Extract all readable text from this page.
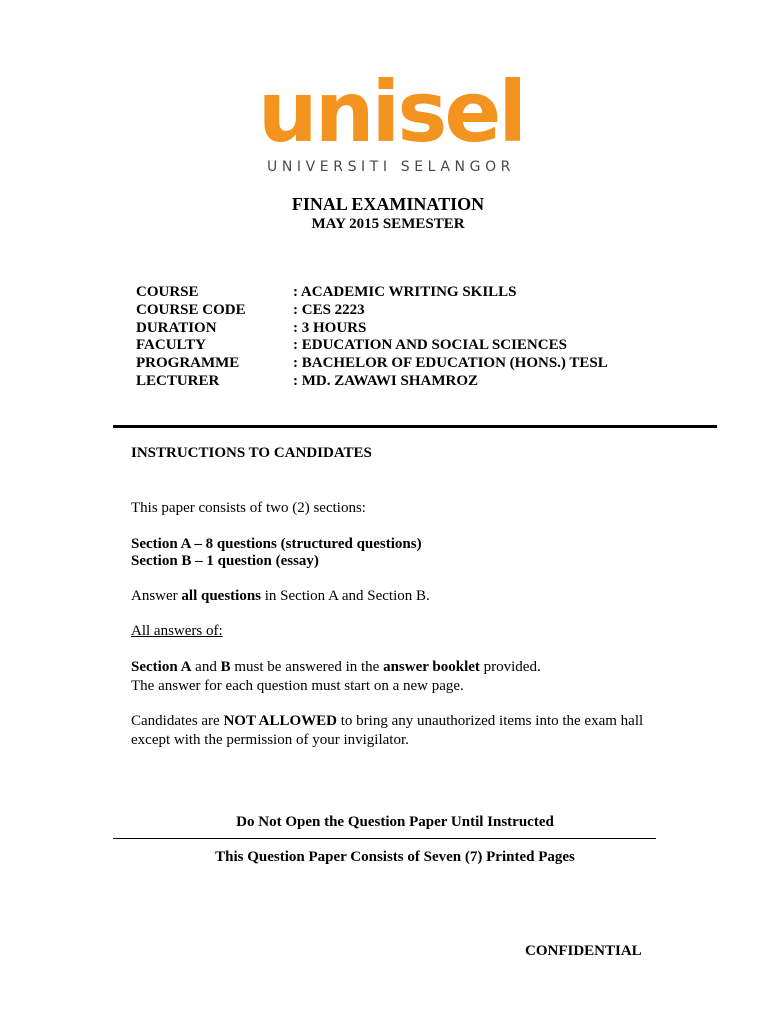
unisel
UNIVERSITI SELANGOR
FINAL EXAMINATION
MAY 2015 SEMESTER
COURSE	: ACADEMIC WRITING SKILLS
COURSE CODE	: CES 2223
DURATION	: 3 HOURS
FACULTY	: EDUCATION AND SOCIAL SCIENCES
PROGRAMME	: BACHELOR OF EDUCATION (HONS.) TESL
LECTURER	: MD. ZAWAWI SHAMROZ
INSTRUCTIONS TO CANDIDATES
This paper consists of two (2) sections:
Section A – 8 questions (structured questions)
Section B – 1 question (essay)
Answer all questions in Section A and Section B.
All answers of:
Section A and B must be answered in the answer booklet provided.
The answer for each question must start on a new page.
Candidates are NOT ALLOWED to bring any unauthorized items into the exam hall
except with the permission of your invigilator.
Do Not Open the Question Paper Until Instructed
This Question Paper Consists of Seven (7) Printed Pages
CONFIDENTIAL
